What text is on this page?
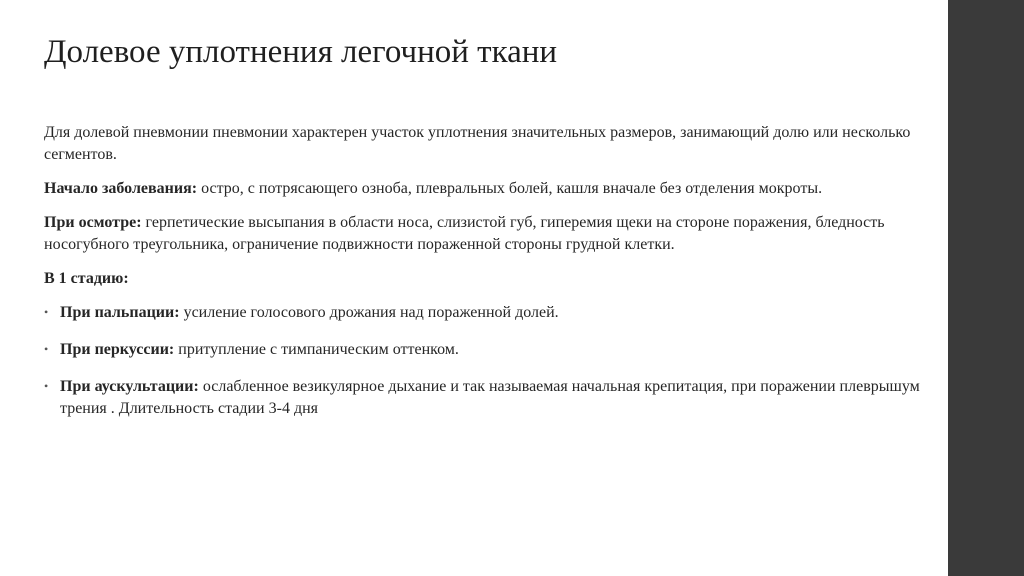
Долевое уплотнения легочной ткани

Для долевой пневмонии пневмонии характерен участок уплотнения значительных размеров, занимающий долю или несколько сегментов.

Начало заболевания: остро, с потрясающего озноба, плевральных болей, кашля вначале без отделения мокроты.

При осмотре: герпетические высыпания в области носа, слизистой губ, гиперемия щеки на стороне поражения, бледность носогубного треугольника, ограничение подвижности пораженной стороны грудной клетки.

В 1 стадию:

• При пальпации: усиление голосового дрожания над пораженной долей.
• При перкуссии: притупление с тимпаническим оттенком.
• При аускультации: ослабленное везикулярное дыхание и так называемая начальная крепитация, при поражении плеврышум трения . Длительность стадии 3-4 дня
